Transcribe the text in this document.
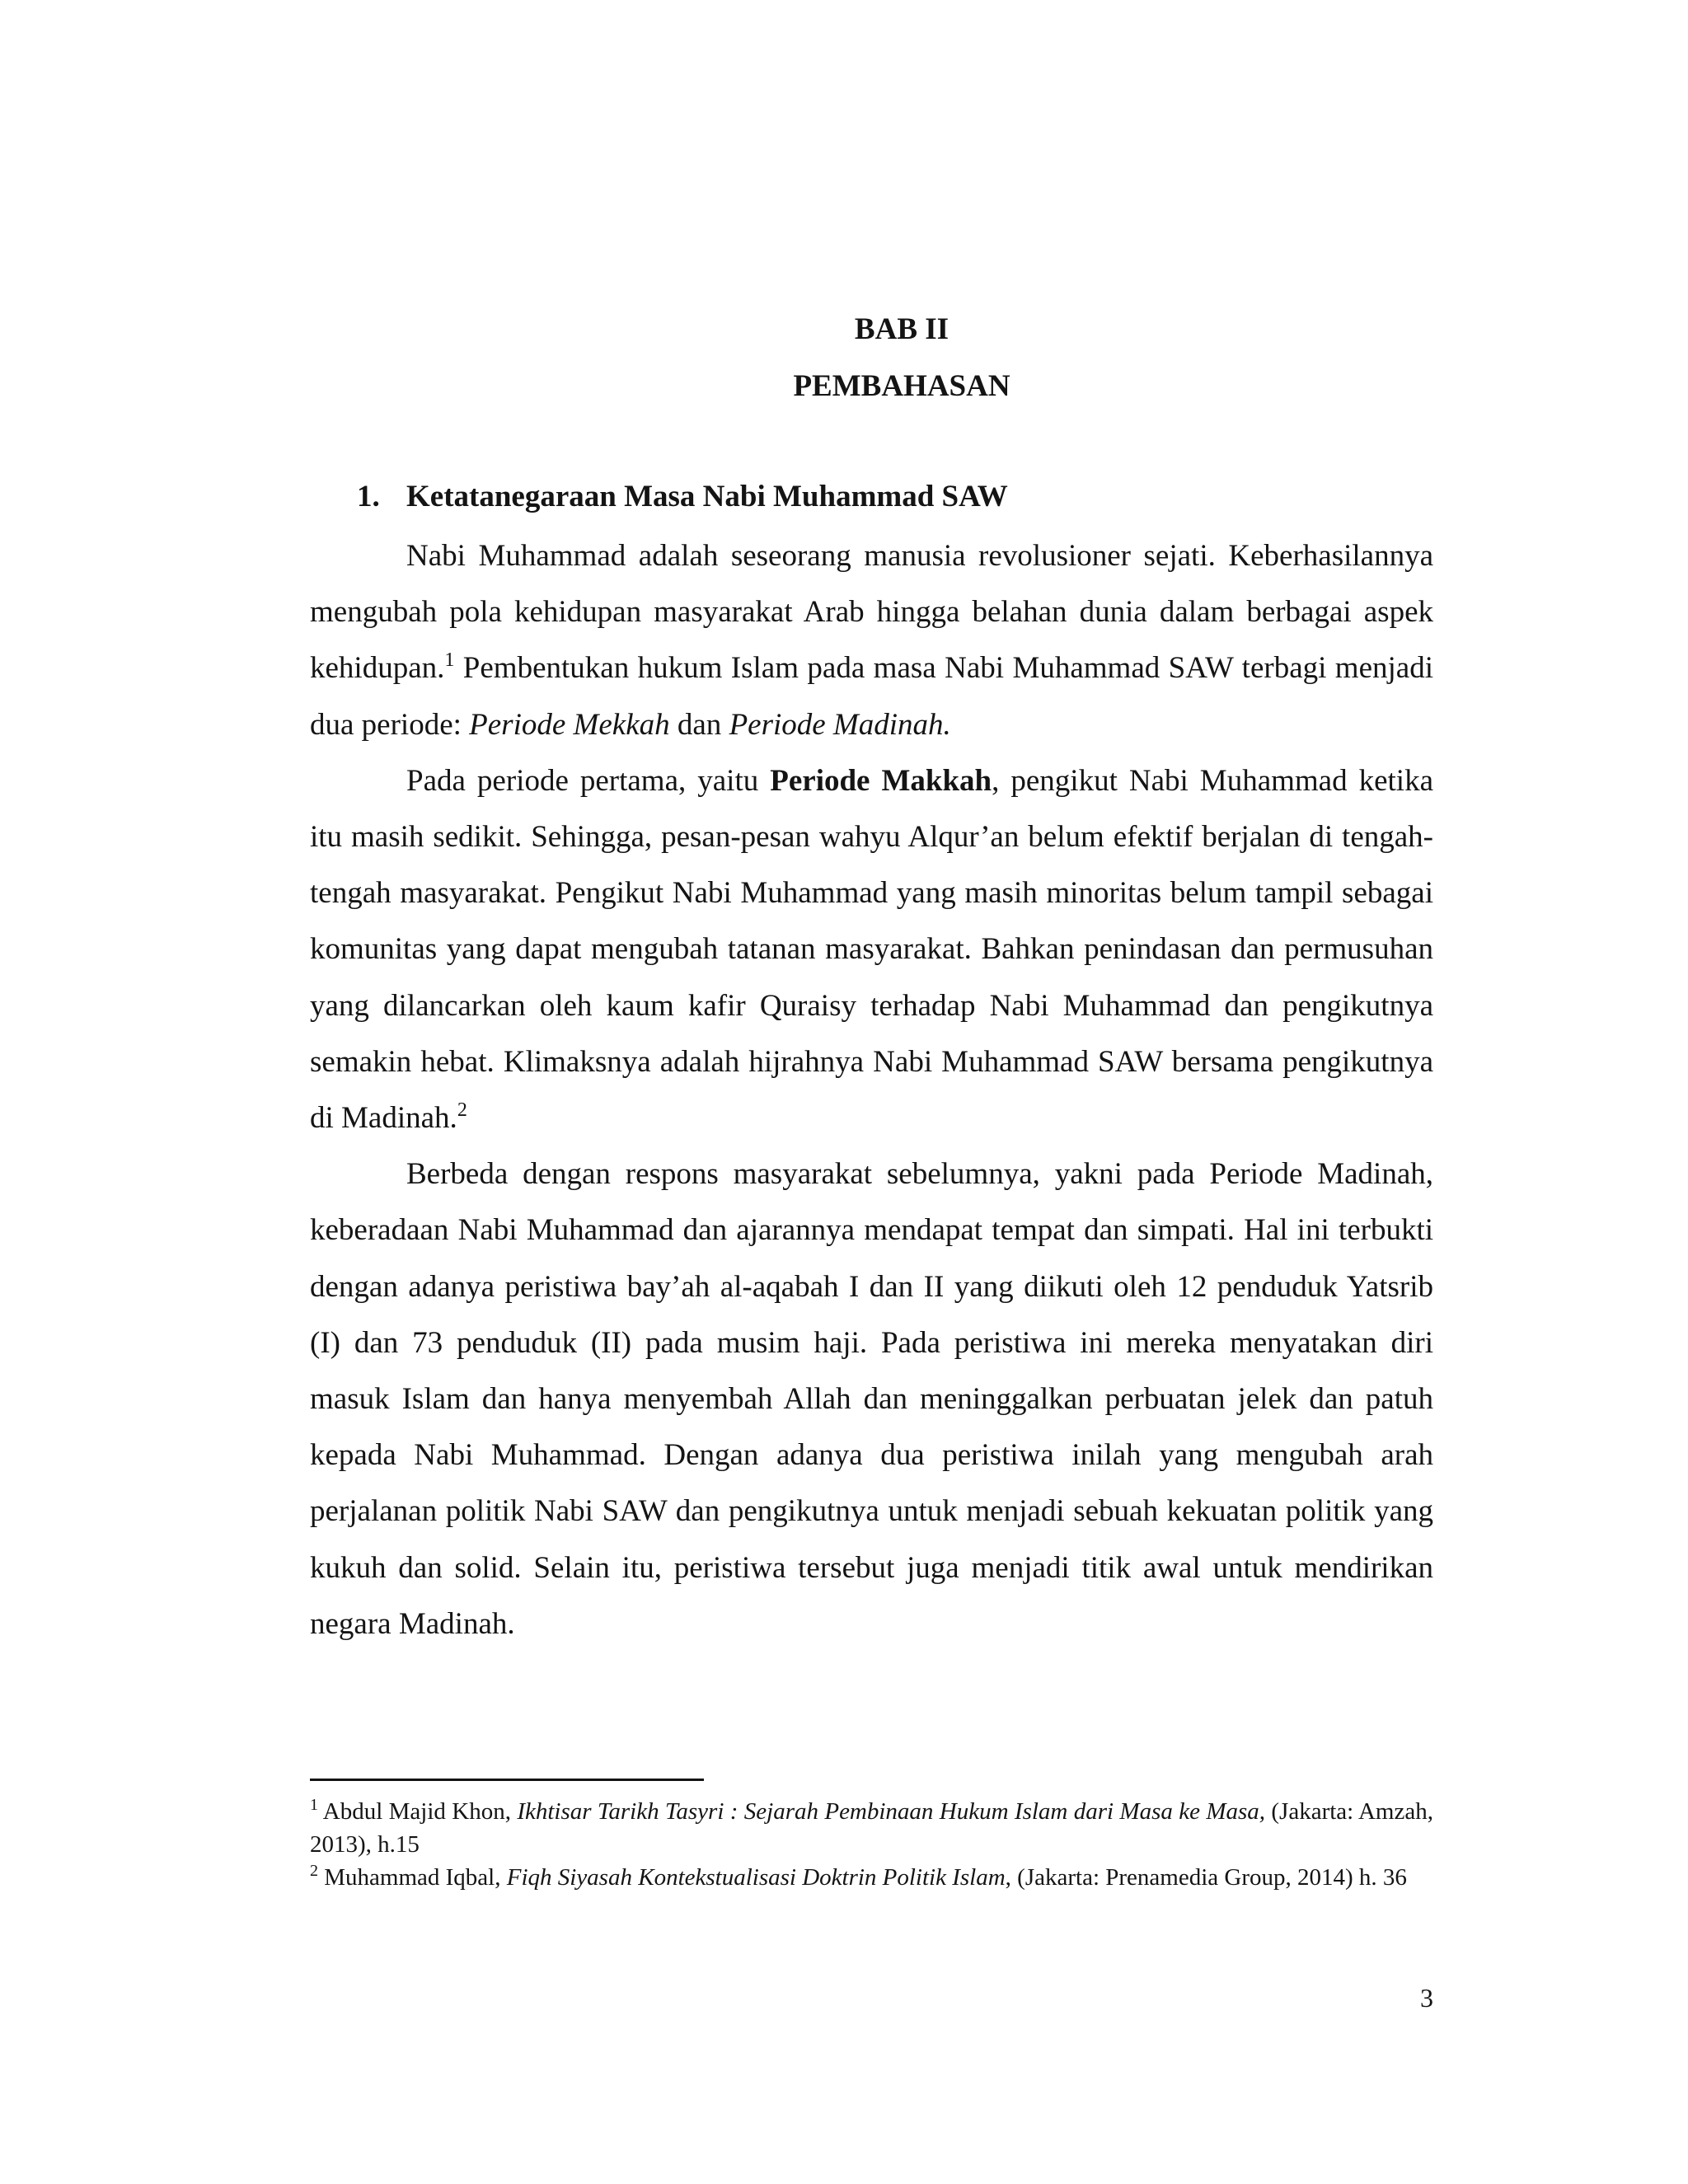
BAB II
PEMBAHASAN
1. Ketatanegaraan Masa Nabi Muhammad SAW

Nabi Muhammad adalah seseorang manusia revolusioner sejati. Keberhasilannya mengubah pola kehidupan masyarakat Arab hingga belahan dunia dalam berbagai aspek kehidupan.$^1$ Pembentukan hukum Islam pada masa Nabi Muhammad SAW terbagi menjadi dua periode: Periode Mekkah dan Periode Madinah.

Pada periode pertama, yaitu Periode Makkah, pengikut Nabi Muhammad ketika itu masih sedikit. Sehingga, pesan-pesan wahyu Alqur’an belum efektif berjalan di tengah-tengah masyarakat. Pengikut Nabi Muhammad yang masih minoritas belum tampil sebagai komunitas yang dapat mengubah tatanan masyarakat. Bahkan penindasan dan permusuhan yang dilancarkan oleh kaum kafir Quraisy terhadap Nabi Muhammad dan pengikutnya semakin hebat. Klimaksnya adalah hijrahnya Nabi Muhammad SAW bersama pengikutnya di Madinah.$^2$

Berbeda dengan respons masyarakat sebelumnya, yakni pada Periode Madinah, keberadaan Nabi Muhammad dan ajarannya mendapat tempat dan simpati. Hal ini terbukti dengan adanya peristiwa bay’ah al-aqabah I dan II yang diikuti oleh 12 penduduk Yatsrib (I) dan 73 penduduk (II) pada musim haji. Pada peristiwa ini mereka menyatakan diri masuk Islam dan hanya menyembah Allah dan meninggalkan perbuatan jelek dan patuh kepada Nabi Muhammad. Dengan adanya dua peristiwa inilah yang mengubah arah perjalanan politik Nabi SAW dan pengikutnya untuk menjadi sebuah kekuatan politik yang kukuh dan solid. Selain itu, peristiwa tersebut juga menjadi titik awal untuk mendirikan negara Madinah.

$^1$ Abdul Majid Khon, Ikhtisar Tarikh Tasyri : Sejarah Pembinaan Hukum Islam dari Masa ke Masa, (Jakarta: Amzah, 2013), h.15

$^2$ Muhammad Iqbal, Fiqh Siyasah Kontekstualisasi Doktrin Politik Islam, (Jakarta: Prenamedia Group, 2014) h. 36

3
